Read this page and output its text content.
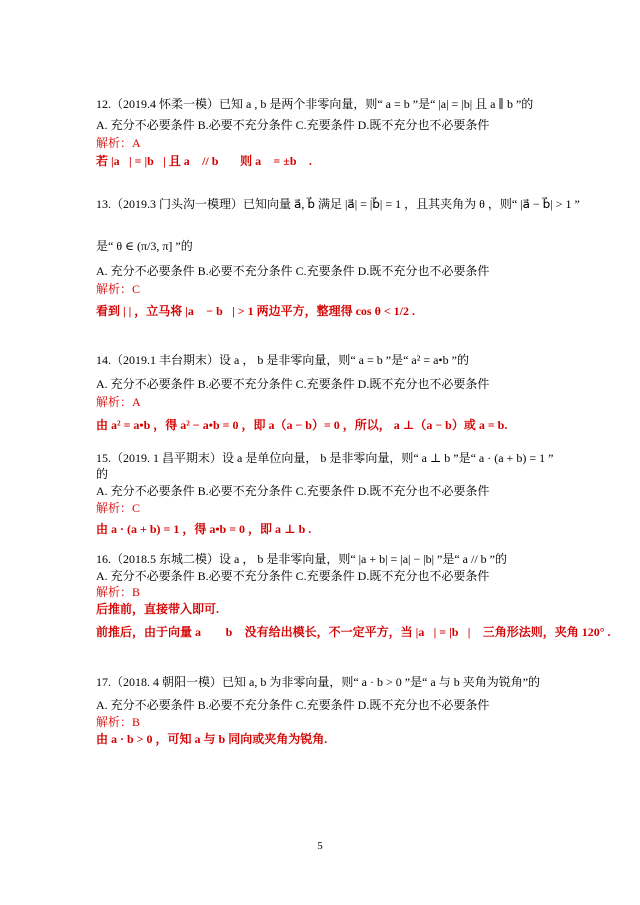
12.（2019.4 怀柔一模）已知 a , b 是两个非零向量，则“ a = b ”是“ |a| = |b| 且 a ∥ b ”的
A. 充分不必要条件 B.必要不充分条件 C.充要条件 D.既不充分也不必要条件
解析：A
若 |a⃗| = |b⃗| 且 a⃗ // b⃗ ，则 a⃗ = ±b⃗ .
13.（2019.3 门头沟一模理）已知向量 a⃗, b⃗ 满足 |a⃗| = |b⃗| = 1 ，且其夹角为 θ ，则“ |a⃗ − b⃗| > 1 ”
是“ θ ∈ (π/3, π] ”的
A. 充分不必要条件 B.必要不充分条件 C.充要条件 D.既不充分也不必要条件
解析：C
看到 | | ，立马将 |a⃗ − b⃗| > 1 两边平方，整理得 cos θ < 1/2 .
14.（2019.1 丰台期末）设 a ， b 是非零向量，则“ a = b ”是“ a² = a•b ”的
A. 充分不必要条件 B.必要不充分条件 C.充要条件 D.既不充分也不必要条件
解析：A
由 a² = a•b ，得 a² − a•b = 0 ，即 a（a − b）= 0 ，所以， a ⊥（a − b）或 a = b.
15.（2019. 1 昌平期末）设 a 是单位向量， b 是非零向量，则“ a ⊥ b ”是“ a · (a + b) = 1 ”
的
A. 充分不必要条件 B.必要不充分条件 C.充要条件 D.既不充分也不必要条件
解析：C
由 a · (a + b) = 1 ，得 a•b = 0 ，即 a ⊥ b .
16.（2018.5 东城二模）设 a ， b 是非零向量，则“ |a + b| = |a| − |b| ”是“ a // b ”的
A. 充分不必要条件 B.必要不充分条件 C.充要条件 D.既不充分也不必要条件
解析：B
后推前，直接带入即可.
前推后，由于向量 a⃗ ， b⃗ 没有给出模长，不一定平方，当 |a⃗| = |b⃗| ，三角形法则，夹角 120° .
17.（2018. 4 朝阳一模）已知 a, b 为非零向量，则“ a · b > 0 ”是“ a 与 b 夹角为锐角”的
A. 充分不必要条件 B.必要不充分条件 C.充要条件 D.既不充分也不必要条件
解析：B
由 a · b > 0 ，可知 a 与 b 同向或夹角为锐角.
5
